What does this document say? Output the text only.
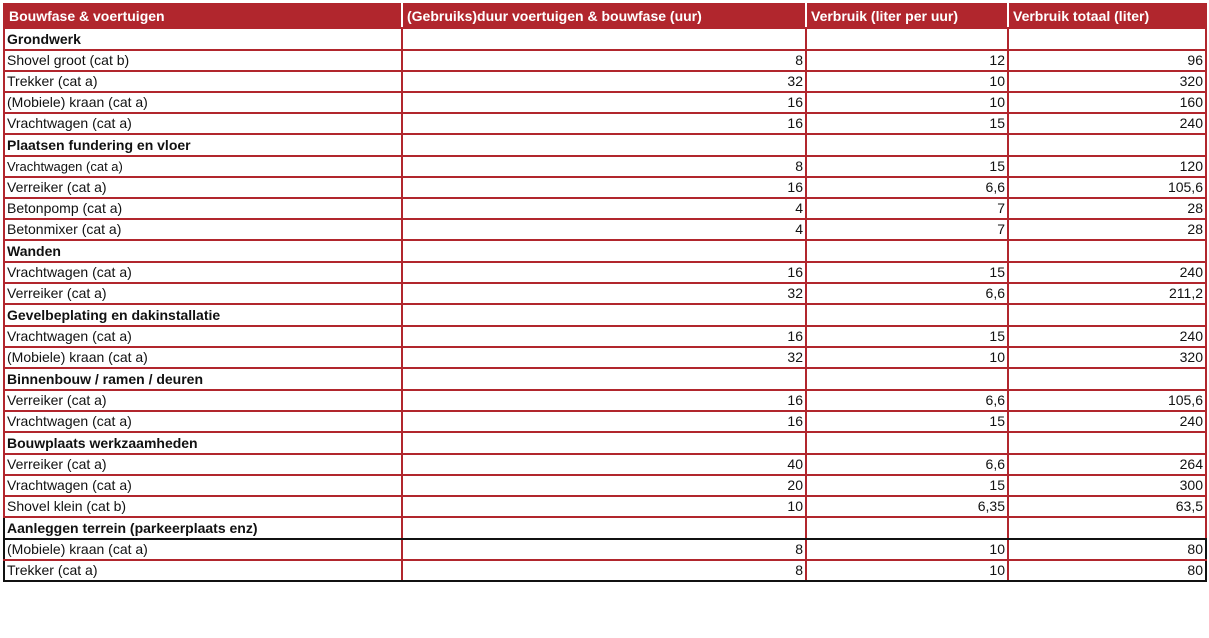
Bouwfase & voertuigen	(Gebruiks)duur voertuigen & bouwfase (uur)	Verbruik (liter per uur)	Verbruik totaal (liter)
Grondwerk			
Shovel groot (cat b)	8	12	96
Trekker (cat a)	32	10	320
(Mobiele) kraan (cat a)	16	10	160
Vrachtwagen (cat a)	16	15	240
Plaatsen fundering en vloer			
Vrachtwagen (cat a)	8	15	120
Verreiker (cat a)	16	6,6	105,6
Betonpomp (cat a)	4	7	28
Betonmixer (cat a)	4	7	28
Wanden			
Vrachtwagen (cat a)	16	15	240
Verreiker (cat a)	32	6,6	211,2
Gevelbeplating en dakinstallatie			
Vrachtwagen (cat a)	16	15	240
(Mobiele) kraan (cat a)	32	10	320
Binnenbouw / ramen / deuren			
Verreiker (cat a)	16	6,6	105,6
Vrachtwagen (cat a)	16	15	240
Bouwplaats werkzaamheden			
Verreiker (cat a)	40	6,6	264
Vrachtwagen (cat a)	20	15	300
Shovel klein (cat b)	10	6,35	63,5
Aanleggen terrein (parkeerplaats enz)			
(Mobiele) kraan (cat a)	8	10	80
Trekker (cat a)	8	10	80
